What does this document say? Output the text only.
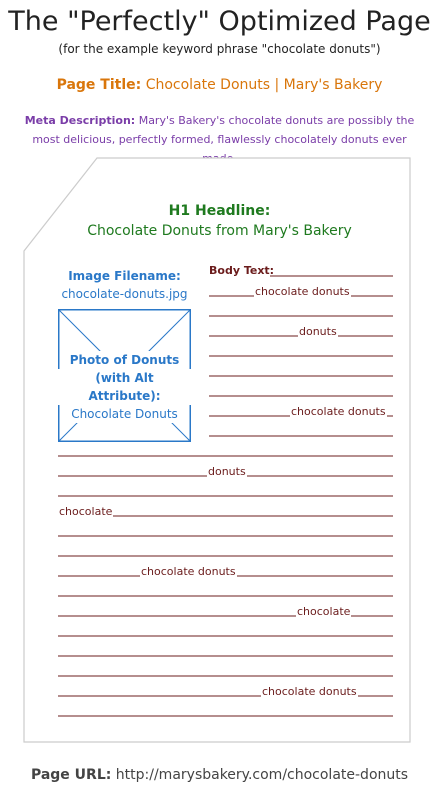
The "Perfectly" Optimized Page
(for the example keyword phrase "chocolate donuts")
Page Title: Chocolate Donuts | Mary's Bakery
Meta Description: Mary's Bakery's chocolate donuts are possibly the most delicious, perfectly formed, flawlessly chocolately donuts ever
H1 Headline:
Chocolate Donuts from Mary's Bakery
Image Filename:
chocolate-donuts.jpg
Photo of Donuts
(with Alt Attribute):
Chocolate Donuts
Body Text:
chocolate donuts
donuts
chocolate donuts
donuts
chocolate
chocolate donuts
chocolate
chocolate donuts
Page URL: http://marysbakery.com/chocolate-donuts
